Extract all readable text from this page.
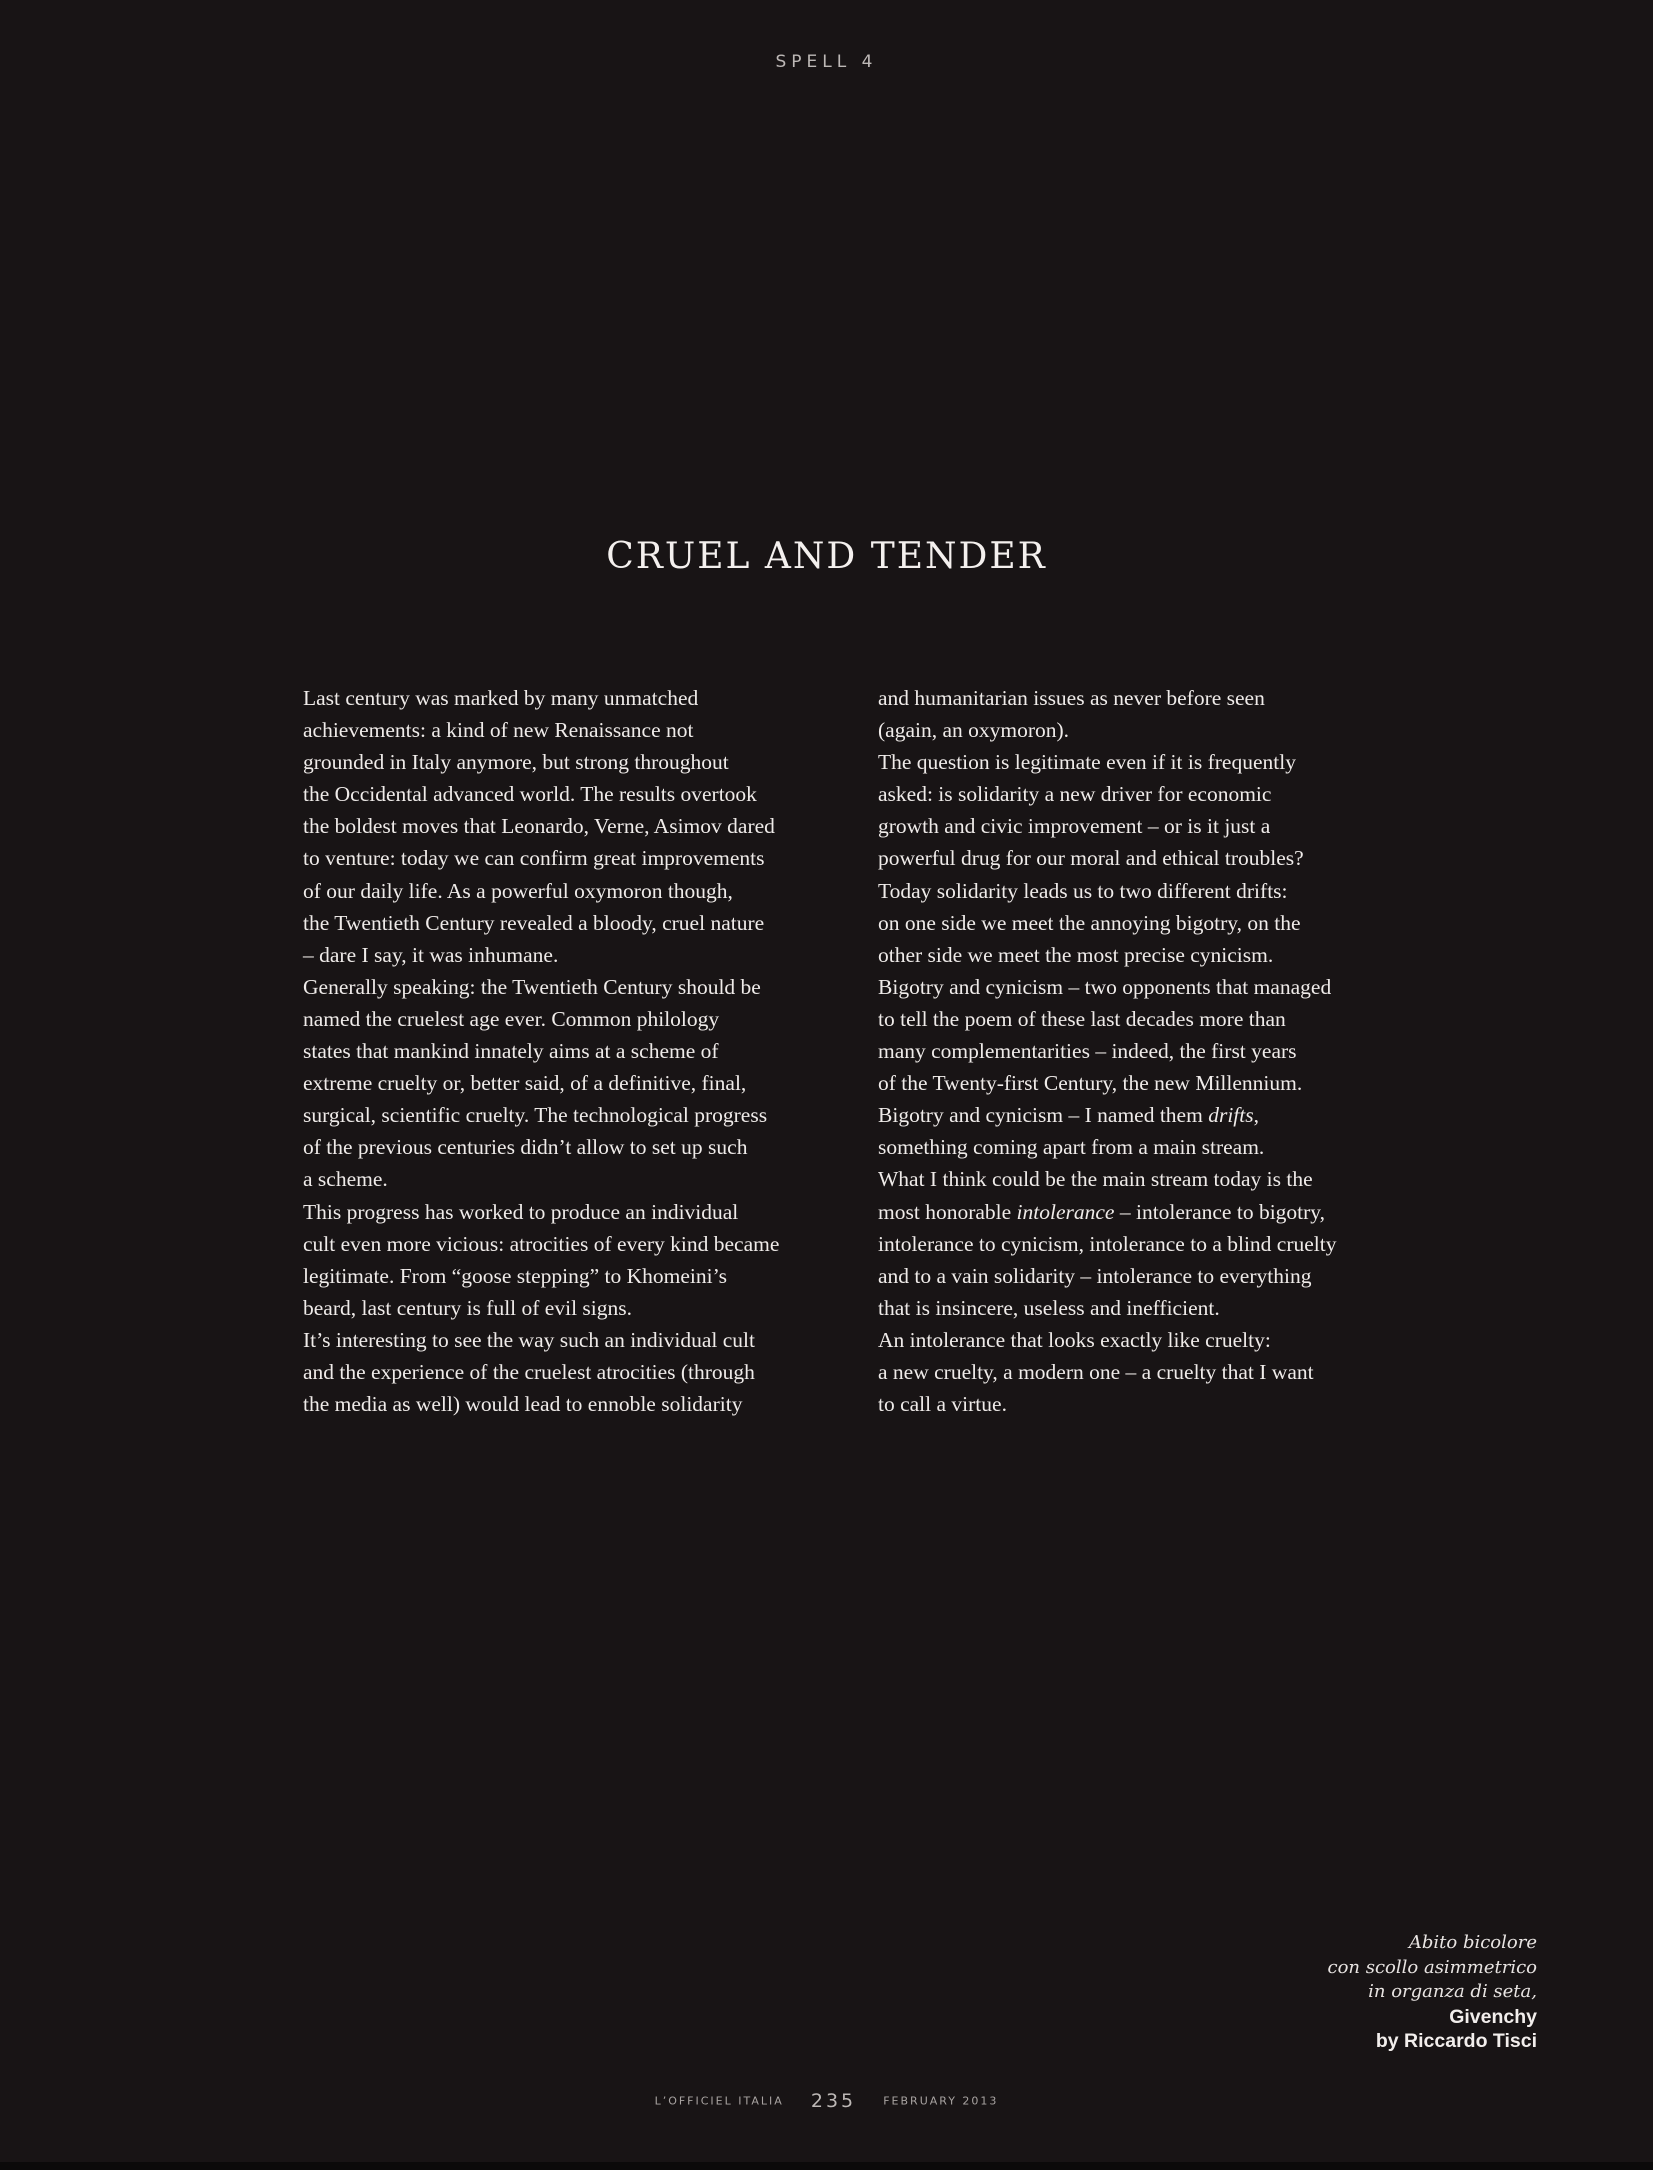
SPELL 4
CRUEL AND TENDER
Last century was marked by many unmatched
achievements: a kind of new Renaissance not
grounded in Italy anymore, but strong throughout
the Occidental advanced world. The results overtook
the boldest moves that Leonardo, Verne, Asimov dared
to venture: today we can confirm great improvements
of our daily life. As a powerful oxymoron though,
the Twentieth Century revealed a bloody, cruel nature
– dare I say, it was inhumane.
Generally speaking: the Twentieth Century should be
named the cruelest age ever. Common philology
states that mankind innately aims at a scheme of
extreme cruelty or, better said, of a definitive, final,
surgical, scientific cruelty. The technological progress
of the previous centuries didn’t allow to set up such
a scheme.
This progress has worked to produce an individual
cult even more vicious: atrocities of every kind became
legitimate. From “goose stepping” to Khomeini’s
beard, last century is full of evil signs.
It’s interesting to see the way such an individual cult
and the experience of the cruelest atrocities (through
the media as well) would lead to ennoble solidarity
and humanitarian issues as never before seen
(again, an oxymoron).
The question is legitimate even if it is frequently
asked: is solidarity a new driver for economic
growth and civic improvement – or is it just a
powerful drug for our moral and ethical troubles?
Today solidarity leads us to two different drifts:
on one side we meet the annoying bigotry, on the
other side we meet the most precise cynicism.
Bigotry and cynicism – two opponents that managed
to tell the poem of these last decades more than
many complementarities – indeed, the first years
of the Twenty-first Century, the new Millennium.
Bigotry and cynicism – I named them drifts,
something coming apart from a main stream.
What I think could be the main stream today is the
most honorable intolerance – intolerance to bigotry,
intolerance to cynicism, intolerance to a blind cruelty
and to a vain solidarity – intolerance to everything
that is insincere, useless and inefficient.
An intolerance that looks exactly like cruelty:
a new cruelty, a modern one – a cruelty that I want
to call a virtue.
Abito bicolore
con scollo asimmetrico
in organza di seta,
Givenchy
by Riccardo Tisci
L’OFFICIEL ITALIA 235 FEBRUARY 2013
